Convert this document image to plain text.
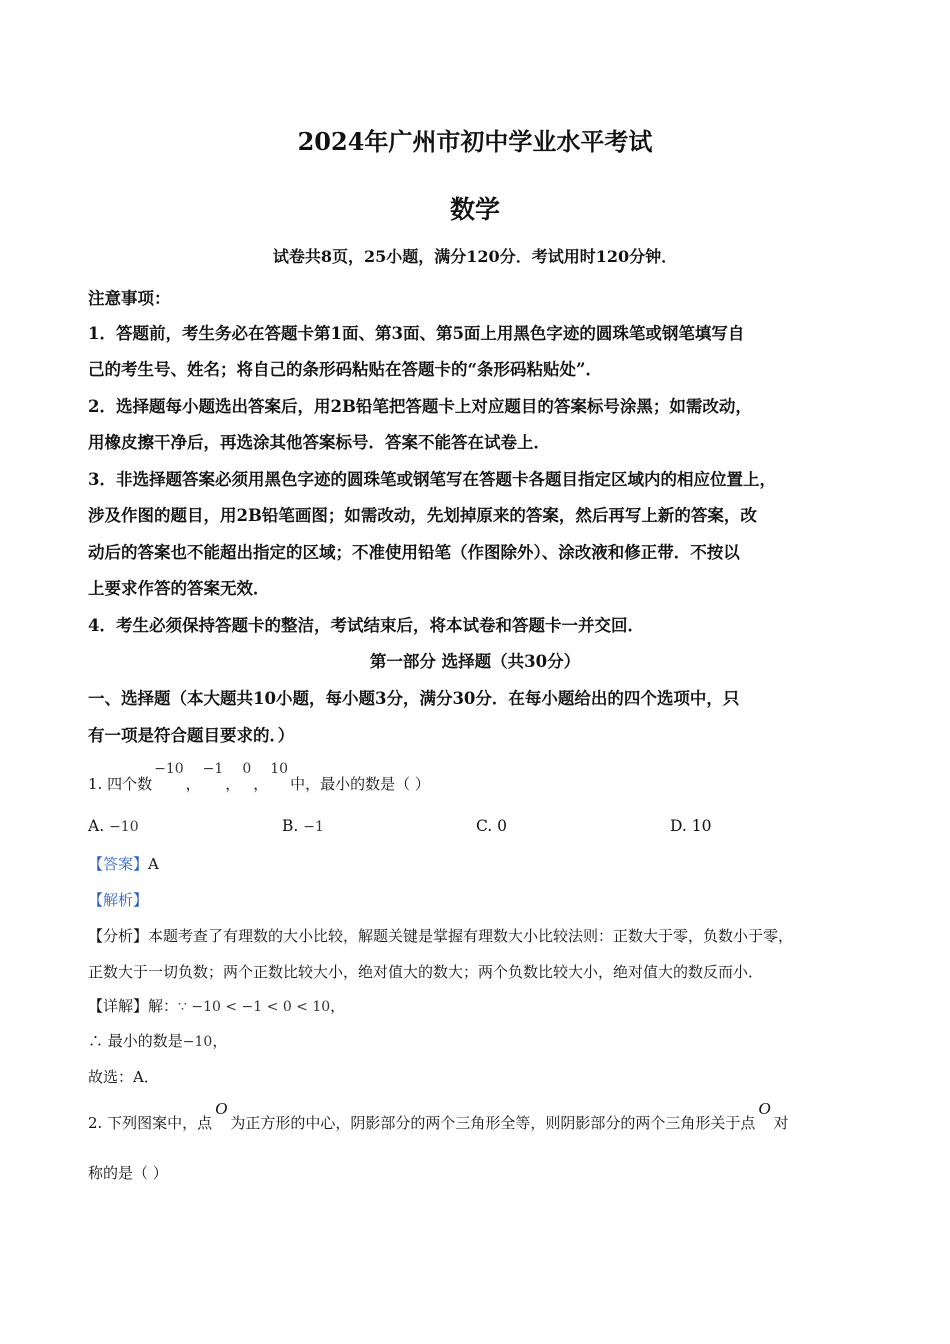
2024年广州市初中学业水平考试
数学
试卷共8页，25小题，满分120分．考试用时120分钟．
注意事项：
1．答题前，考生务必在答题卡第1面、第3面、第5面上用黑色字迹的圆珠笔或钢笔填写自
己的考生号、姓名；将自己的条形码粘贴在答题卡的“条形码粘贴处”．
2．选择题每小题选出答案后，用2B铅笔把答题卡上对应题目的答案标号涂黑；如需改动，
用橡皮擦干净后，再选涂其他答案标号．答案不能答在试卷上．
3．非选择题答案必须用黑色字迹的圆珠笔或钢笔写在答题卡各题目指定区域内的相应位置上，
涉及作图的题目，用2B铅笔画图；如需改动，先划掉原来的答案，然后再写上新的答案，改
动后的答案也不能超出指定的区域；不准使用铅笔（作图除外）、涂改液和修正带．不按以
上要求作答的答案无效．
4．考生必须保持答题卡的整洁，考试结束后，将本试卷和答题卡一并交回．
第一部分 选择题（共30分）
一、选择题（本大题共10小题，每小题3分，满分30分．在每小题给出的四个选项中，只
有一项是符合题目要求的．）
1. 四个数−10，−1，0，10中，最小的数是（ ）
A. −10	B. −1	C. 0	D. 10
【答案】A
【解析】
【分析】本题考查了有理数的大小比较，解题关键是掌握有理数大小比较法则：正数大于零，负数小于零，
正数大于一切负数；两个正数比较大小，绝对值大的数大；两个负数比较大小，绝对值大的数反而小．
【详解】解：∵ −10 < −1 < 0 < 10，
∴ 最小的数是−10，
故选：A．
2. 下列图案中，点O为正方形的中心，阴影部分的两个三角形全等，则阴影部分的两个三角形关于点O对
称的是（ ）
